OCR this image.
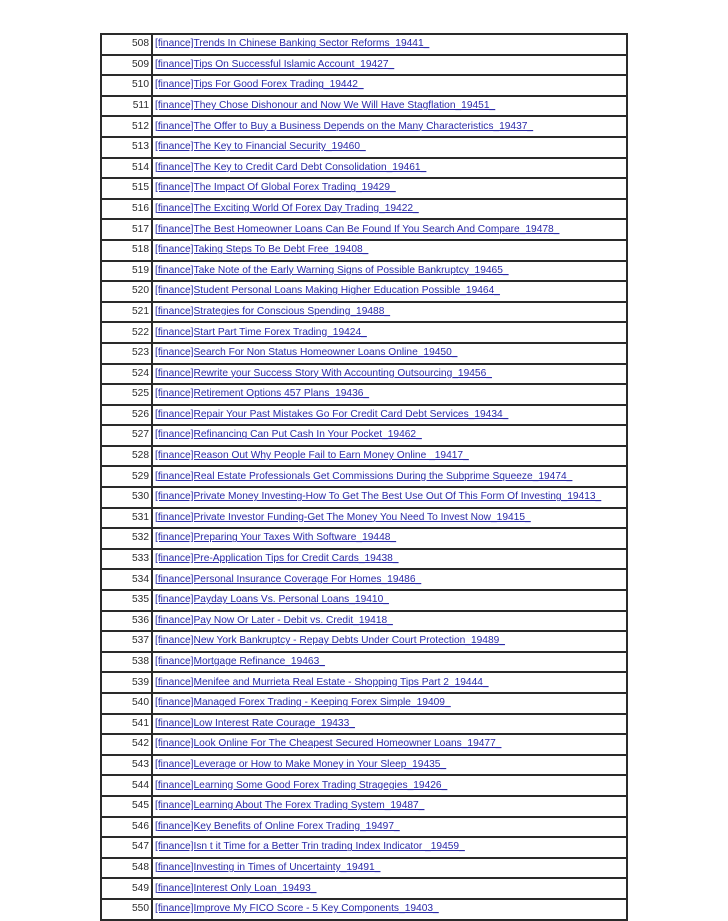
508	[finance]Trends In Chinese Banking Sector Reforms_19441_
509	[finance]Tips On Successful Islamic Account_19427_
510	[finance]Tips For Good Forex Trading_19442_
511	[finance]They Chose Dishonour and Now We Will Have Stagflation_19451_
512	[finance]The Offer to Buy a Business Depends on the Many Characteristics_19437_
513	[finance]The Key to Financial Security_19460_
514	[finance]The Key to Credit Card Debt Consolidation_19461_
515	[finance]The Impact Of Global Forex Trading_19429_
516	[finance]The Exciting World Of Forex Day Trading_19422_
517	[finance]The Best Homeowner Loans Can Be Found If You Search And Compare_19478_
518	[finance]Taking Steps To Be Debt Free_19408_
519	[finance]Take Note of the Early Warning Signs of Possible Bankruptcy_19465_
520	[finance]Student Personal Loans Making Higher Education Possible_19464_
521	[finance]Strategies for Conscious Spending_19488_
522	[finance]Start Part Time Forex Trading_19424_
523	[finance]Search For Non Status Homeowner Loans Online_19450_
524	[finance]Rewrite your Success Story With Accounting Outsourcing_19456_
525	[finance]Retirement Options 457 Plans_19436_
526	[finance]Repair Your Past Mistakes Go For Credit Card Debt Services_19434_
527	[finance]Refinancing Can Put Cash In Your Pocket_19462_
528	[finance]Reason Out Why People Fail to Earn Money Online _19417_
529	[finance]Real Estate Professionals Get Commissions During the Subprime Squeeze_19474_
530	[finance]Private Money Investing-How To Get The Best Use Out Of This Form Of Investing_19413_
531	[finance]Private Investor Funding-Get The Money You Need To Invest Now_19415_
532	[finance]Preparing Your Taxes With Software_19448_
533	[finance]Pre-Application Tips for Credit Cards_19438_
534	[finance]Personal Insurance Coverage For Homes_19486_
535	[finance]Payday Loans Vs. Personal Loans_19410_
536	[finance]Pay Now Or Later - Debit vs. Credit_19418_
537	[finance]New York Bankruptcy - Repay Debts Under Court Protection_19489_
538	[finance]Mortgage Refinance_19463_
539	[finance]Menifee and Murrieta Real Estate - Shopping Tips Part 2_19444_
540	[finance]Managed Forex Trading - Keeping Forex Simple_19409_
541	[finance]Low Interest Rate Courage_19433_
542	[finance]Look Online For The Cheapest Secured Homeowner Loans_19477_
543	[finance]Leverage or How to Make Money in Your Sleep_19435_
544	[finance]Learning Some Good Forex Trading Stragegies_19426_
545	[finance]Learning About The Forex Trading System_19487_
546	[finance]Key Benefits of Online Forex Trading_19497_
547	[finance]Isn t it Time for a Better Trin trading Index Indicator _19459_
548	[finance]Investing in Times of Uncertainty_19491_
549	[finance]Interest Only Loan_19493_
550	[finance]Improve My FICO Score - 5 Key Components_19403_
